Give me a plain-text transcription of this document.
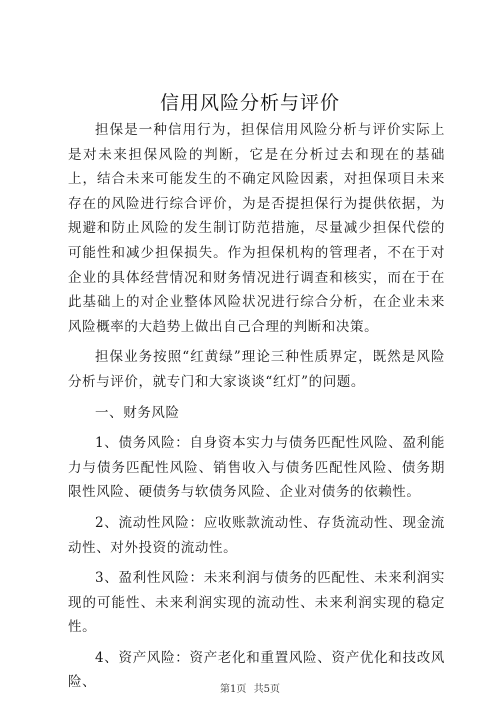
信用风险分析与评价

担保是一种信用行为，担保信用风险分析与评价实际上是对未来担保风险的判断，它是在分析过去和现在的基础上，结合未来可能发生的不确定风险因素，对担保项目未来存在的风险进行综合评价，为是否提担保行为提供依据，为规避和防止风险的发生制订防范措施，尽量减少担保代偿的可能性和减少担保损失。作为担保机构的管理者，不在于对企业的具体经营情况和财务情况进行调查和核实，而在于在此基础上的对企业整体风险状况进行综合分析，在企业未来风险概率的大趋势上做出自己合理的判断和决策。

担保业务按照“红黄绿”理论三种性质界定，既然是风险分析与评价，就专门和大家谈谈“红灯”的问题。

一、财务风险

1、债务风险：自身资本实力与债务匹配性风险、盈利能力与债务匹配性风险、销售收入与债务匹配性风险、债务期限性风险、硬债务与软债务风险、企业对债务的依赖性。

2、流动性风险：应收账款流动性、存货流动性、现金流动性、对外投资的流动性。

3、盈利性风险：未来利润与债务的匹配性、未来利润实现的可能性、未来利润实现的流动性、未来利润实现的稳定性。

4、资产风险：资产老化和重置风险、资产优化和技改风险、	第1页 共5页
